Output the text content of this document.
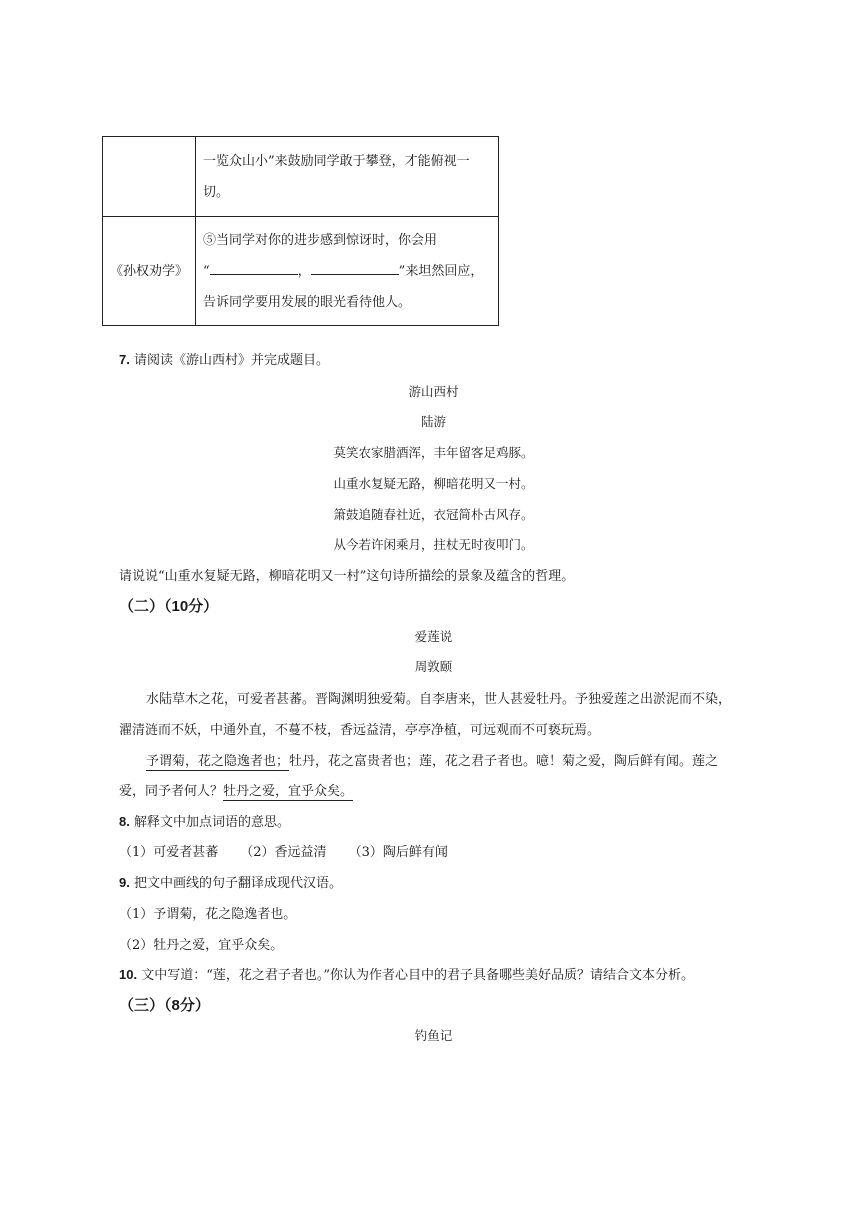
	一览众山小”来鼓励同学敢于攀登，才能俯视一
切。

《孙权劝学》	⑤当同学对你的进步感到惊讶时，你会用
“ ， ”来坦然回应，
告诉同学要用发展的眼光看待他人。
7. 请阅读《游山西村》并完成题目。
游山西村
陆游
莫笑农家腊酒浑，丰年留客足鸡豚。
山重水复疑无路，柳暗花明又一村。
箫鼓追随春社近，衣冠简朴古风存。
从今若许闲乘月，拄杖无时夜叩门。
请说说“山重水复疑无路，柳暗花明又一村”这句诗所描绘的景象及蕴含的哲理。
（二）（10分）
爱莲说
周敦颐
水陆草木之花，可爱者甚蕃。晋陶渊明独爱菊。自李唐来，世人甚爱牡丹。予独爱莲之出淤泥而不染，
濯清涟而不妖，中通外直，不蔓不枝，香远益清，亭亭净植，可远观而不可亵玩焉。
予谓菊，花之隐逸者也；牡丹，花之富贵者也；莲，花之君子者也。噫！菊之爱，陶后鲜有闻。莲之
爱，同予者何人？牡丹之爱，宜乎众矣。
8. 解释文中加点词语的意思。
（1）可爱者甚蕃 （2）香远益清 （3）陶后鲜有闻
9. 把文中画线的句子翻译成现代汉语。
（1）予谓菊，花之隐逸者也。
（2）牡丹之爱，宜乎众矣。
10. 文中写道：“莲，花之君子者也。”你认为作者心目中的君子具备哪些美好品质？请结合文本分析。
（三）（8分）
钓鱼记
